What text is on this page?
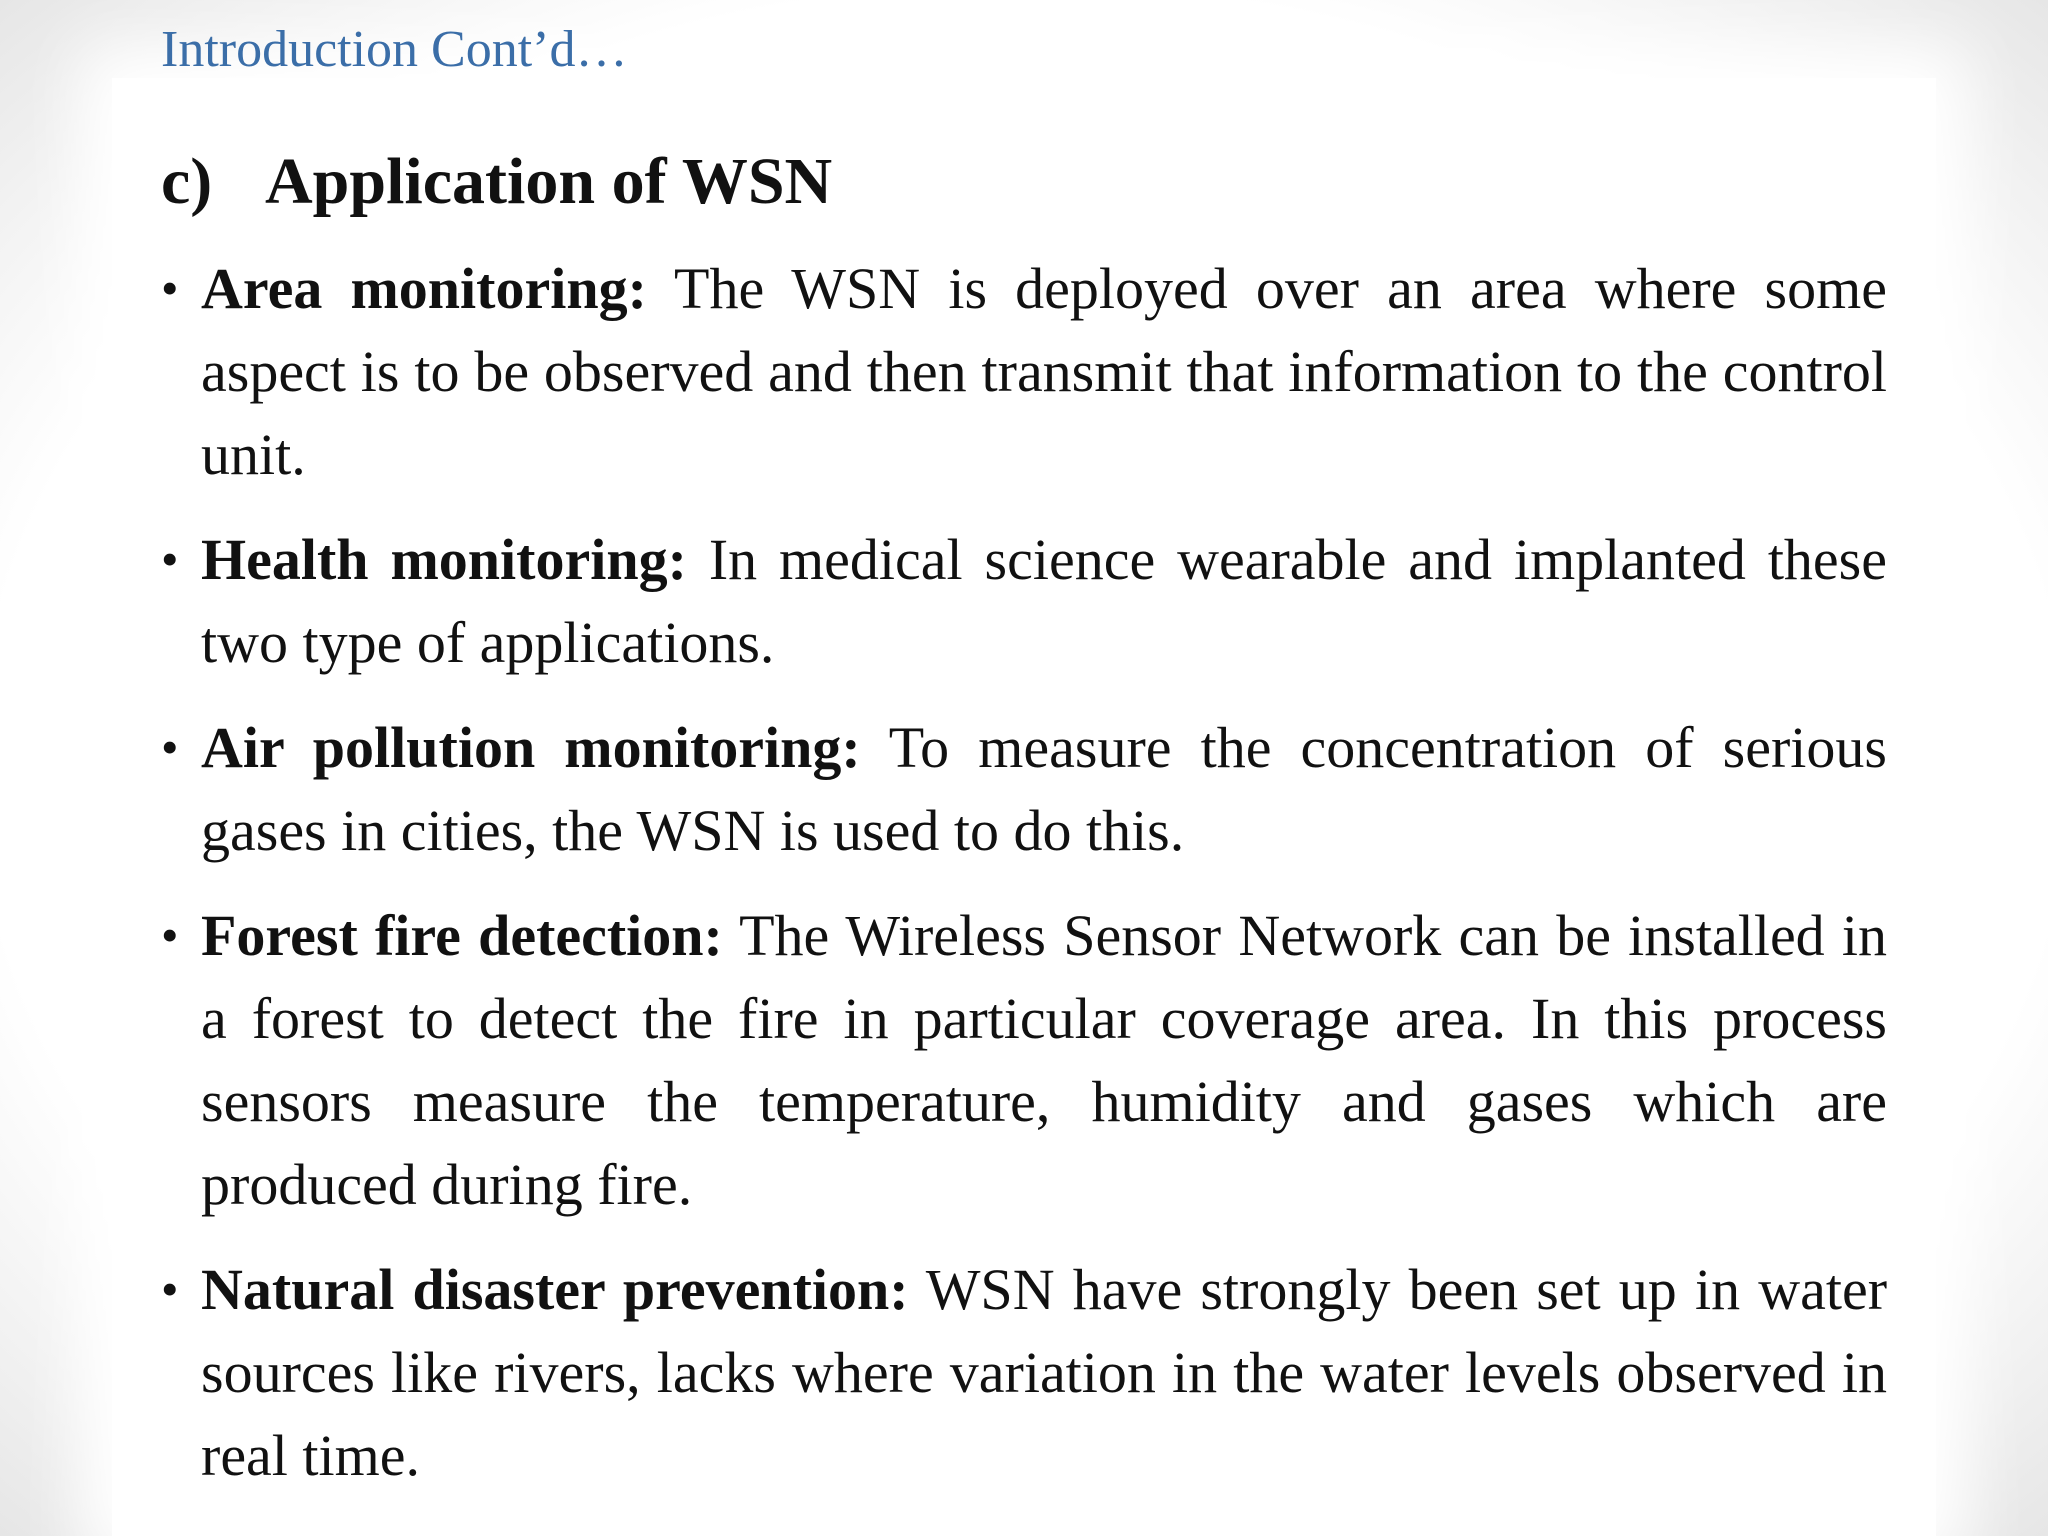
Introduction Cont’d…
c) Application of WSN
• Area monitoring: The WSN is deployed over an area where some aspect is to be observed and then transmit that information to the control unit.
• Health monitoring: In medical science wearable and implanted these two type of applications.
• Air pollution monitoring: To measure the concentration of serious gases in cities, the WSN is used to do this.
• Forest fire detection: The Wireless Sensor Network can be installed in a forest to detect the fire in particular coverage area. In this process sensors measure the temperature, humidity and gases which are produced during fire.
• Natural disaster prevention: WSN have strongly been set up in water sources like rivers, lacks where variation in the water levels observed in real time.
